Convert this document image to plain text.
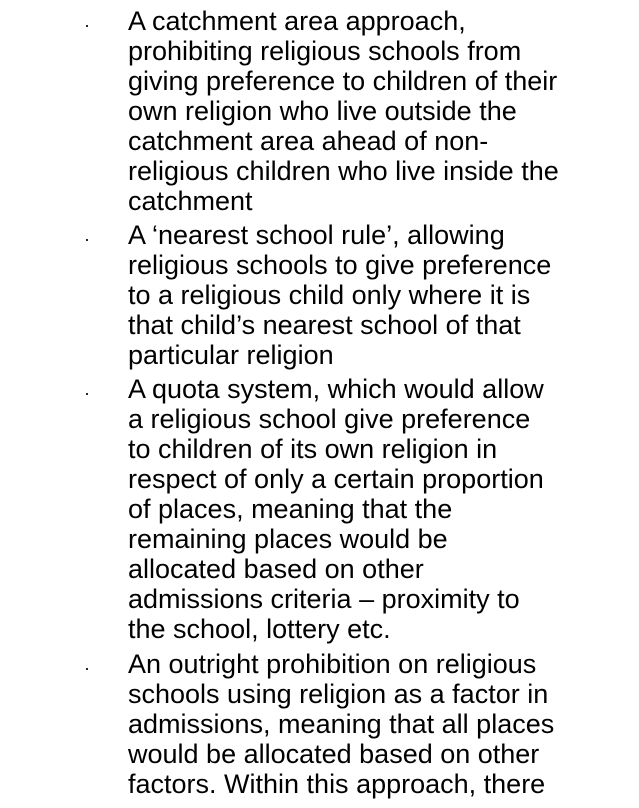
· A catchment area approach,
prohibiting religious schools from
giving preference to children of their
own religion who live outside the
catchment area ahead of non-
religious children who live inside the
catchment

· A ‘nearest school rule’, allowing
religious schools to give preference
to a religious child only where it is
that child’s nearest school of that
particular religion

· A quota system, which would allow
a religious school give preference
to children of its own religion in
respect of only a certain proportion
of places, meaning that the
remaining places would be
allocated based on other
admissions criteria – proximity to
the school, lottery etc.

· An outright prohibition on religious
schools using religion as a factor in
admissions, meaning that all places
would be allocated based on other
factors. Within this approach, there
